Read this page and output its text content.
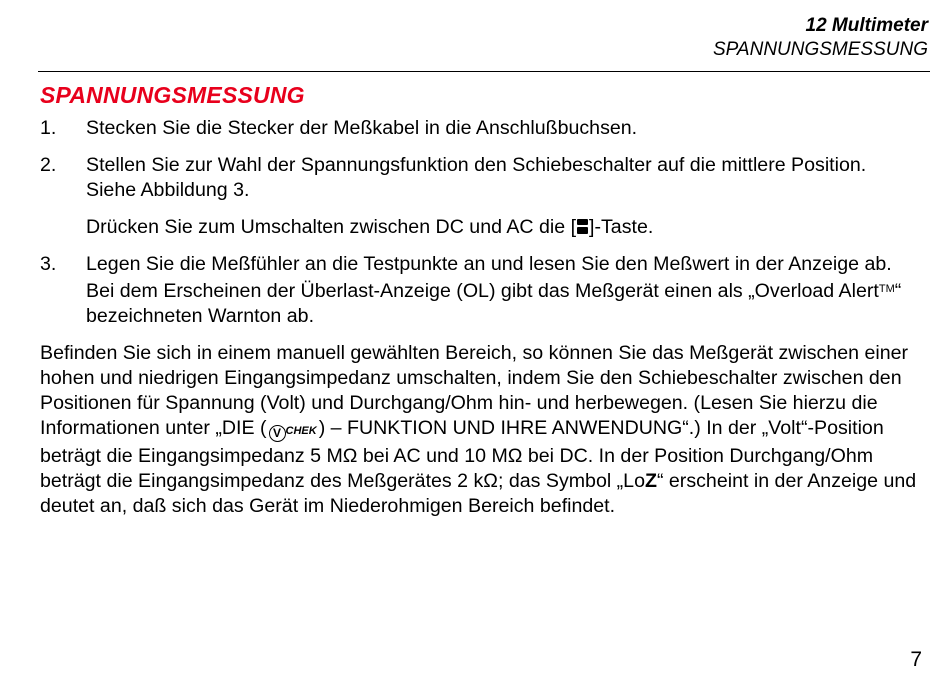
12 Multimeter
SPANNUNGSMESSUNG
SPANNUNGSMESSUNG
1.	Stecken Sie die Stecker der Meßkabel in die Anschlußbuchsen.
2.	Stellen Sie zur Wahl der Spannungsfunktion den Schiebeschalter auf die mittlere Position. Siehe Abbildung 3.
Drücken Sie zum Umschalten zwischen DC und AC die [ ]-Taste.
3.	Legen Sie die Meßfühler an die Testpunkte an und lesen Sie den Meßwert in der Anzeige ab. Bei dem Erscheinen der Überlast-Anzeige (OL) gibt das Meßgerät einen als „Overload Alert™“ bezeichneten Warnton ab.
Befinden Sie sich in einem manuell gewählten Bereich, so können Sie das Meßgerät zwischen einer hohen und niedrigen Eingangsimpedanz umschalten, indem Sie den Schiebeschalter zwischen den Positionen für Spannung (Volt) und Durchgang/Ohm hin- und herbewegen. (Lesen Sie hierzu die Informationen unter „DIE ( V CHEK ) – FUNKTION UND IHRE ANWENDUNG“.) In der „Volt“-Position beträgt die Eingangsimpedanz 5 MΩ bei AC und 10 MΩ bei DC. In der Position Durchgang/Ohm beträgt die Eingangsimpedanz des Meßgerätes 2 kΩ; das Symbol „LoZ“ erscheint in der Anzeige und deutet an, daß sich das Gerät im Niederohmigen Bereich befindet.
7
